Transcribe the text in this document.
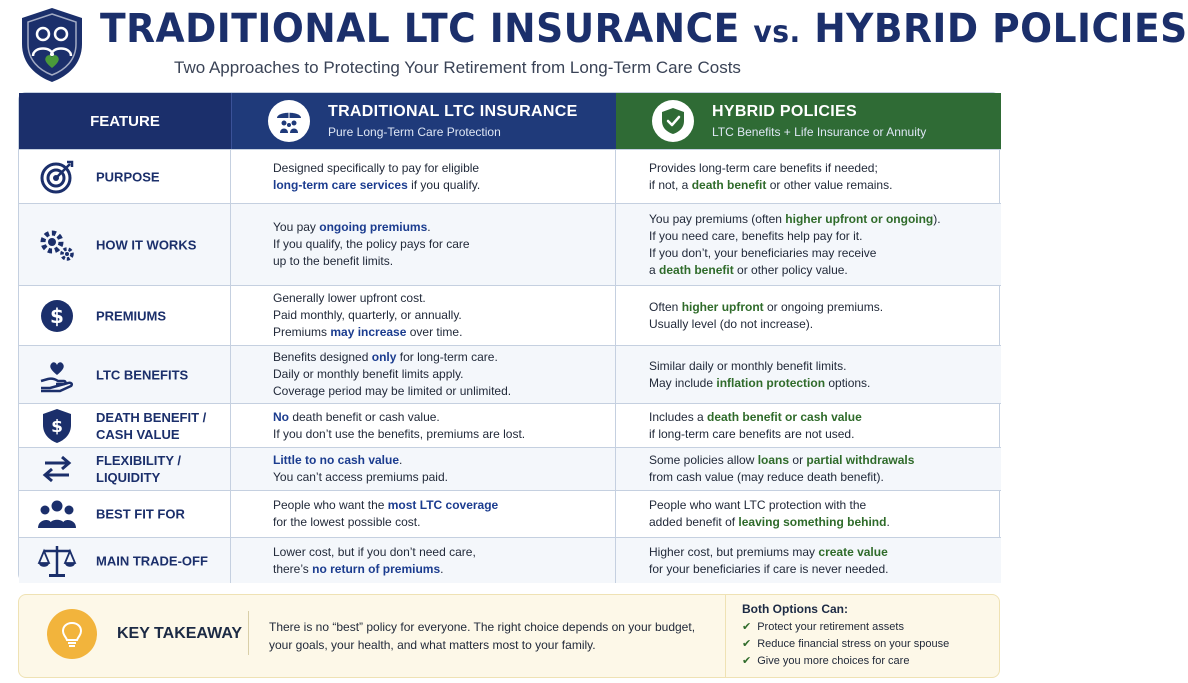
TRADITIONAL LTC INSURANCE vs. HYBRID POLICIES
Two Approaches to Protecting Your Retirement from Long-Term Care Costs
FEATURE
TRADITIONAL LTC INSURANCE
Pure Long-Term Care Protection
HYBRID POLICIES
LTC Benefits + Life Insurance or Annuity
PURPOSE
Designed specifically to pay for eligible
long-term care services if you qualify.
Provides long-term care benefits if needed;
if not, a death benefit or other value remains.
HOW IT WORKS
You pay ongoing premiums.
If you qualify, the policy pays for care
up to the benefit limits.
You pay premiums (often higher upfront or ongoing).
If you need care, benefits help pay for it.
If you don’t, your beneficiaries may receive
a death benefit or other policy value.
$ PREMIUMS
Generally lower upfront cost.
Paid monthly, quarterly, or annually.
Premiums may increase over time.
Often higher upfront or ongoing premiums.
Usually level (do not increase).
LTC BENEFITS
Benefits designed only for long-term care.
Daily or monthly benefit limits apply.
Coverage period may be limited or unlimited.
Similar daily or monthly benefit limits.
May include inflation protection options.
$	DEATH BENEFIT /
CASH VALUE
No death benefit or cash value.
If you don’t use the benefits, premiums are lost.
Includes a death benefit or cash value
if long-term care benefits are not used.
FLEXIBILITY /
LIQUIDITY
Little to no cash value.
You can’t access premiums paid.
Some policies allow loans or partial withdrawals
from cash value (may reduce death benefit).
BEST FIT FOR
People who want the most LTC coverage
for the lowest possible cost.
People who want LTC protection with the
added benefit of leaving something behind.
MAIN TRADE-OFF
Lower cost, but if you don’t need care,
there’s no return of premiums.
Higher cost, but premiums may create value
for your beneficiaries if care is never needed.
KEY TAKEAWAY There is no “best” policy for everyone. The right choice depends on your budget, your goals, your health, and what matters most to your family.
Both Options Can:
✔ Protect your retirement assets
✔ Reduce financial stress on your spouse
✔ Give you more choices for care
